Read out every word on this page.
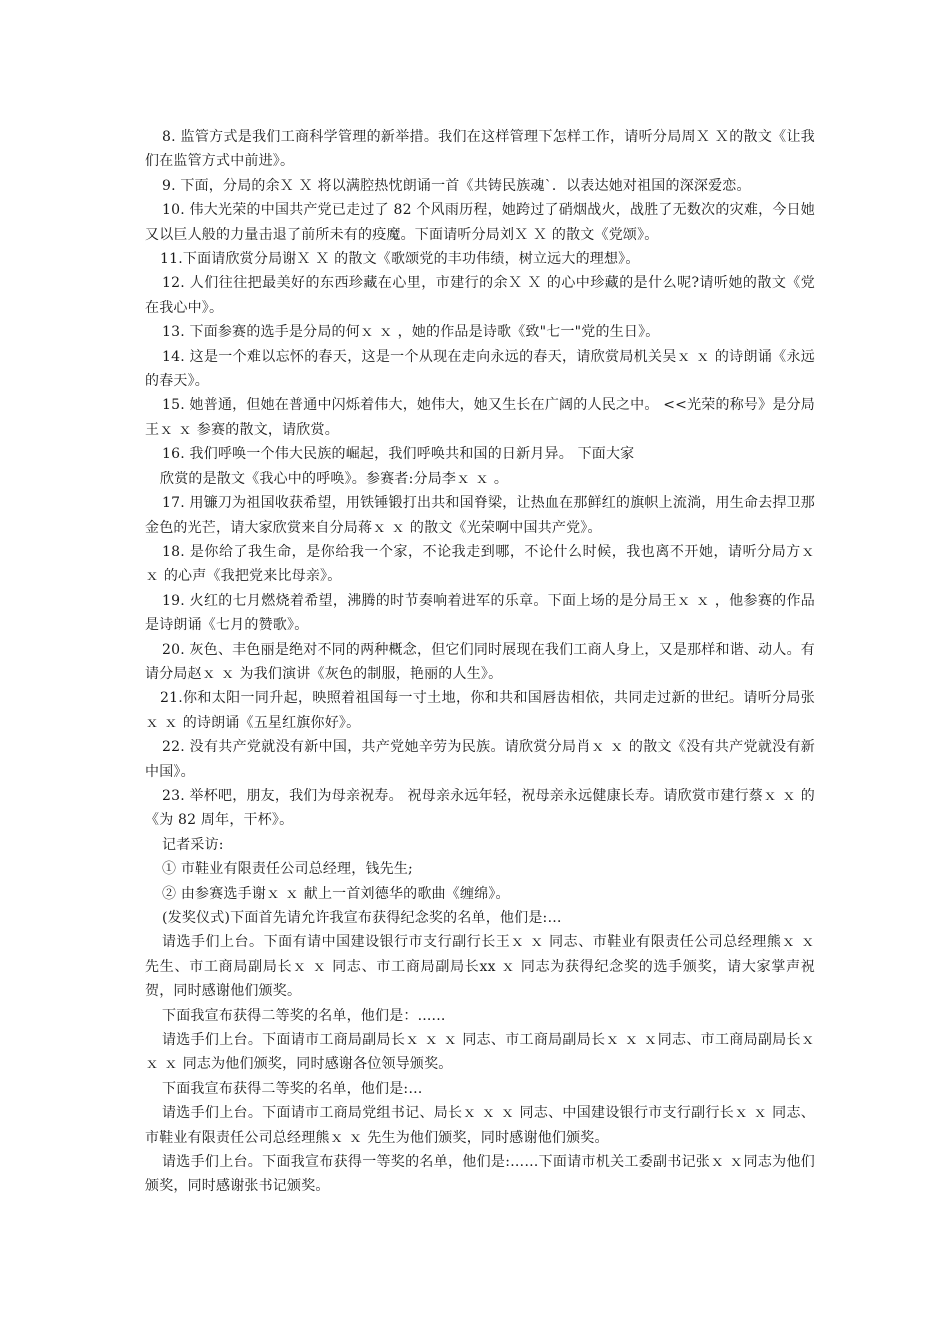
8. 监管方式是我们工商科学管理的新举措。我们在这样管理下怎样工作，请听分局周Ｘ Ｘ的散文《让我们在监管方式中前进》。

9. 下面，分局的余Ｘ Ｘ 将以满腔热忱朗诵一首《共铸民族魂`．以表达她对祖国的深深爱恋。

10. 伟大光荣的中国共产党已走过了 82 个风雨历程，她跨过了硝烟战火，战胜了无数次的灾难，今日她又以巨人般的力量击退了前所未有的疫魔。下面请听分局刘Ｘ Ｘ 的散文《党颂》。

11.下面请欣赏分局谢Ｘ Ｘ 的散文《歌颂党的丰功伟绩，树立远大的理想》。

12. 人们往往把最美好的东西珍藏在心里，市建行的余Ｘ Ｘ 的心中珍藏的是什么呢?请听她的散文《党在我心中》。

13. 下面参赛的选手是分局的何ｘ ｘ ，她的作品是诗歌《致"七一"党的生日》。

14. 这是一个难以忘怀的春天，这是一个从现在走向永远的春天，请欣赏局机关吴ｘ ｘ 的诗朗诵《永远的春天》。

15. 她普通，但她在普通中闪烁着伟大，她伟大，她又生长在广阔的人民之中。 <<光荣的称号》是分局王ｘ ｘ 参赛的散文，请欣赏。

16. 我们呼唤一个伟大民族的崛起，我们呼唤共和国的日新月异。 下面大家

欣赏的是散文《我心中的呼唤》。参赛者:分局李ｘ ｘ 。

17. 用镰刀为祖国收获希望，用铁锤锻打出共和国脊梁，让热血在那鲜红的旗帜上流淌，用生命去捍卫那金色的光芒，请大家欣赏来自分局蒋ｘ ｘ 的散文《光荣啊中国共产党》。

18. 是你给了我生命，是你给我一个家，不论我走到哪，不论什么时候，我也离不开她，请听分局方ｘ ｘ 的心声《我把党来比母亲》。

19. 火红的七月燃烧着希望，沸腾的时节奏响着进军的乐章。下面上场的是分局王ｘ ｘ ，他参赛的作品是诗朗诵《七月的赞歌》。

20. 灰色、丰色丽是绝对不同的两种概念，但它们同时展现在我们工商人身上，又是那样和谐、动人。有请分局赵ｘ ｘ 为我们演讲《灰色的制服，艳丽的人生》。

21.你和太阳一同升起，映照着祖国每一寸土地，你和共和国唇齿相依，共同走过新的世纪。请听分局张ｘ ｘ 的诗朗诵《五星红旗你好》。

22. 没有共产党就没有新中国，共产党她辛劳为民族。请欣赏分局肖ｘ ｘ 的散文《没有共产党就没有新中国》。

23. 举杯吧，朋友，我们为母亲祝寿。 祝母亲永远年轻，祝母亲永远健康长寿。请欣赏市建行蔡ｘ ｘ 的《为 82 周年，干杯》。

记者采访:

① 市鞋业有限责任公司总经理，钱先生;

② 由参赛选手谢ｘ ｘ 献上一首刘德华的歌曲《缠绵》。

(发奖仪式)下面首先请允许我宣布获得纪念奖的名单，他们是:…

请选手们上台。下面有请中国建设银行市支行副行长王ｘ ｘ 同志、市鞋业有限责任公司总经理熊ｘ ｘ 先生、市工商局副局长ｘ ｘ 同志、市工商局副局长xx ｘ 同志为获得纪念奖的选手颁奖，请大家掌声祝贺，同时感谢他们颁奖。

下面我宣布获得二等奖的名单，他们是：......

请选手们上台。下面请市工商局副局长ｘ ｘ ｘ 同志、市工商局副局长ｘ ｘ ｘ同志、市工商局副局长ｘ ｘ ｘ 同志为他们颁奖，同时感谢各位领导颁奖。

下面我宣布获得二等奖的名单，他们是:…

请选手们上台。下面请市工商局党组书记、局长ｘ ｘ ｘ 同志、中国建设银行市支行副行长ｘ ｘ 同志、市鞋业有限责任公司总经理熊ｘ ｘ 先生为他们颁奖，同时感谢他们颁奖。

请选手们上台。下面我宣布获得一等奖的名单，他们是:……下面请市机关工委副书记张ｘ ｘ同志为他们颁奖，同时感谢张书记颁奖。
